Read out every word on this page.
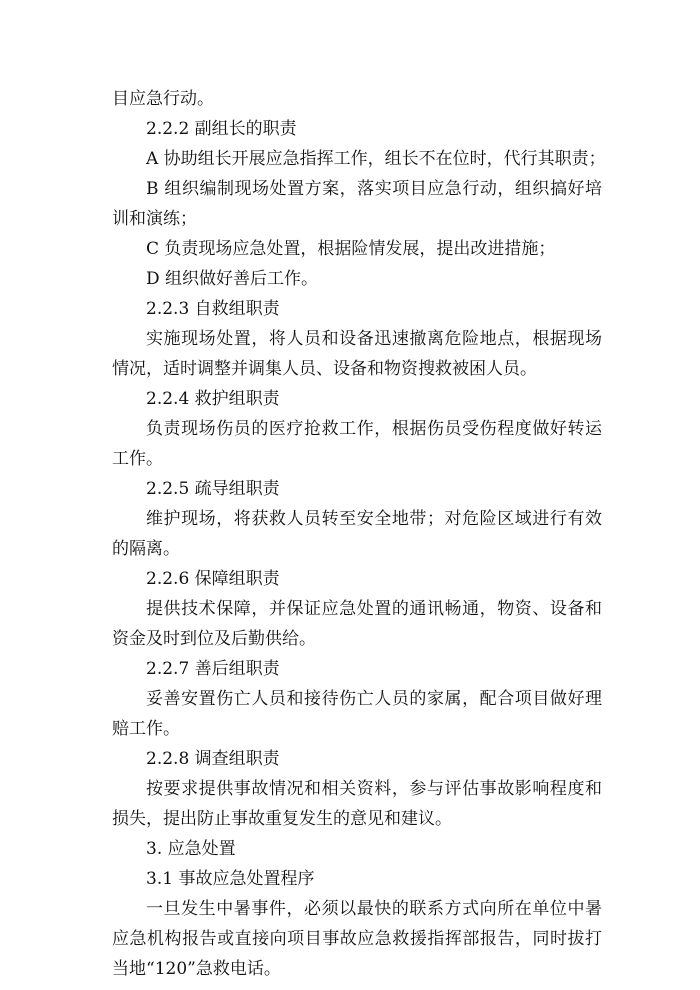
目应急行动。
2.2.2 副组长的职责
A 协助组长开展应急指挥工作，组长不在位时，代行其职责；
B 组织编制现场处置方案，落实项目应急行动，组织搞好培
训和演练；
C 负责现场应急处置，根据险情发展，提出改进措施；
D 组织做好善后工作。
2.2.3 自救组职责
实施现场处置，将人员和设备迅速撤离危险地点，根据现场
情况，适时调整并调集人员、设备和物资搜救被困人员。
2.2.4 救护组职责
负责现场伤员的医疗抢救工作，根据伤员受伤程度做好转运
工作。
2.2.5 疏导组职责
维护现场，将获救人员转至安全地带；对危险区域进行有效
的隔离。
2.2.6 保障组职责
提供技术保障，并保证应急处置的通讯畅通，物资、设备和
资金及时到位及后勤供给。
2.2.7 善后组职责
妥善安置伤亡人员和接待伤亡人员的家属，配合项目做好理
赔工作。
2.2.8 调查组职责
按要求提供事故情况和相关资料，参与评估事故影响程度和
损失，提出防止事故重复发生的意见和建议。
3. 应急处置
3.1 事故应急处置程序
一旦发生中暑事件，必须以最快的联系方式向所在单位中暑
应急机构报告或直接向项目事故应急救援指挥部报告，同时拔打
当地“120”急救电话。
